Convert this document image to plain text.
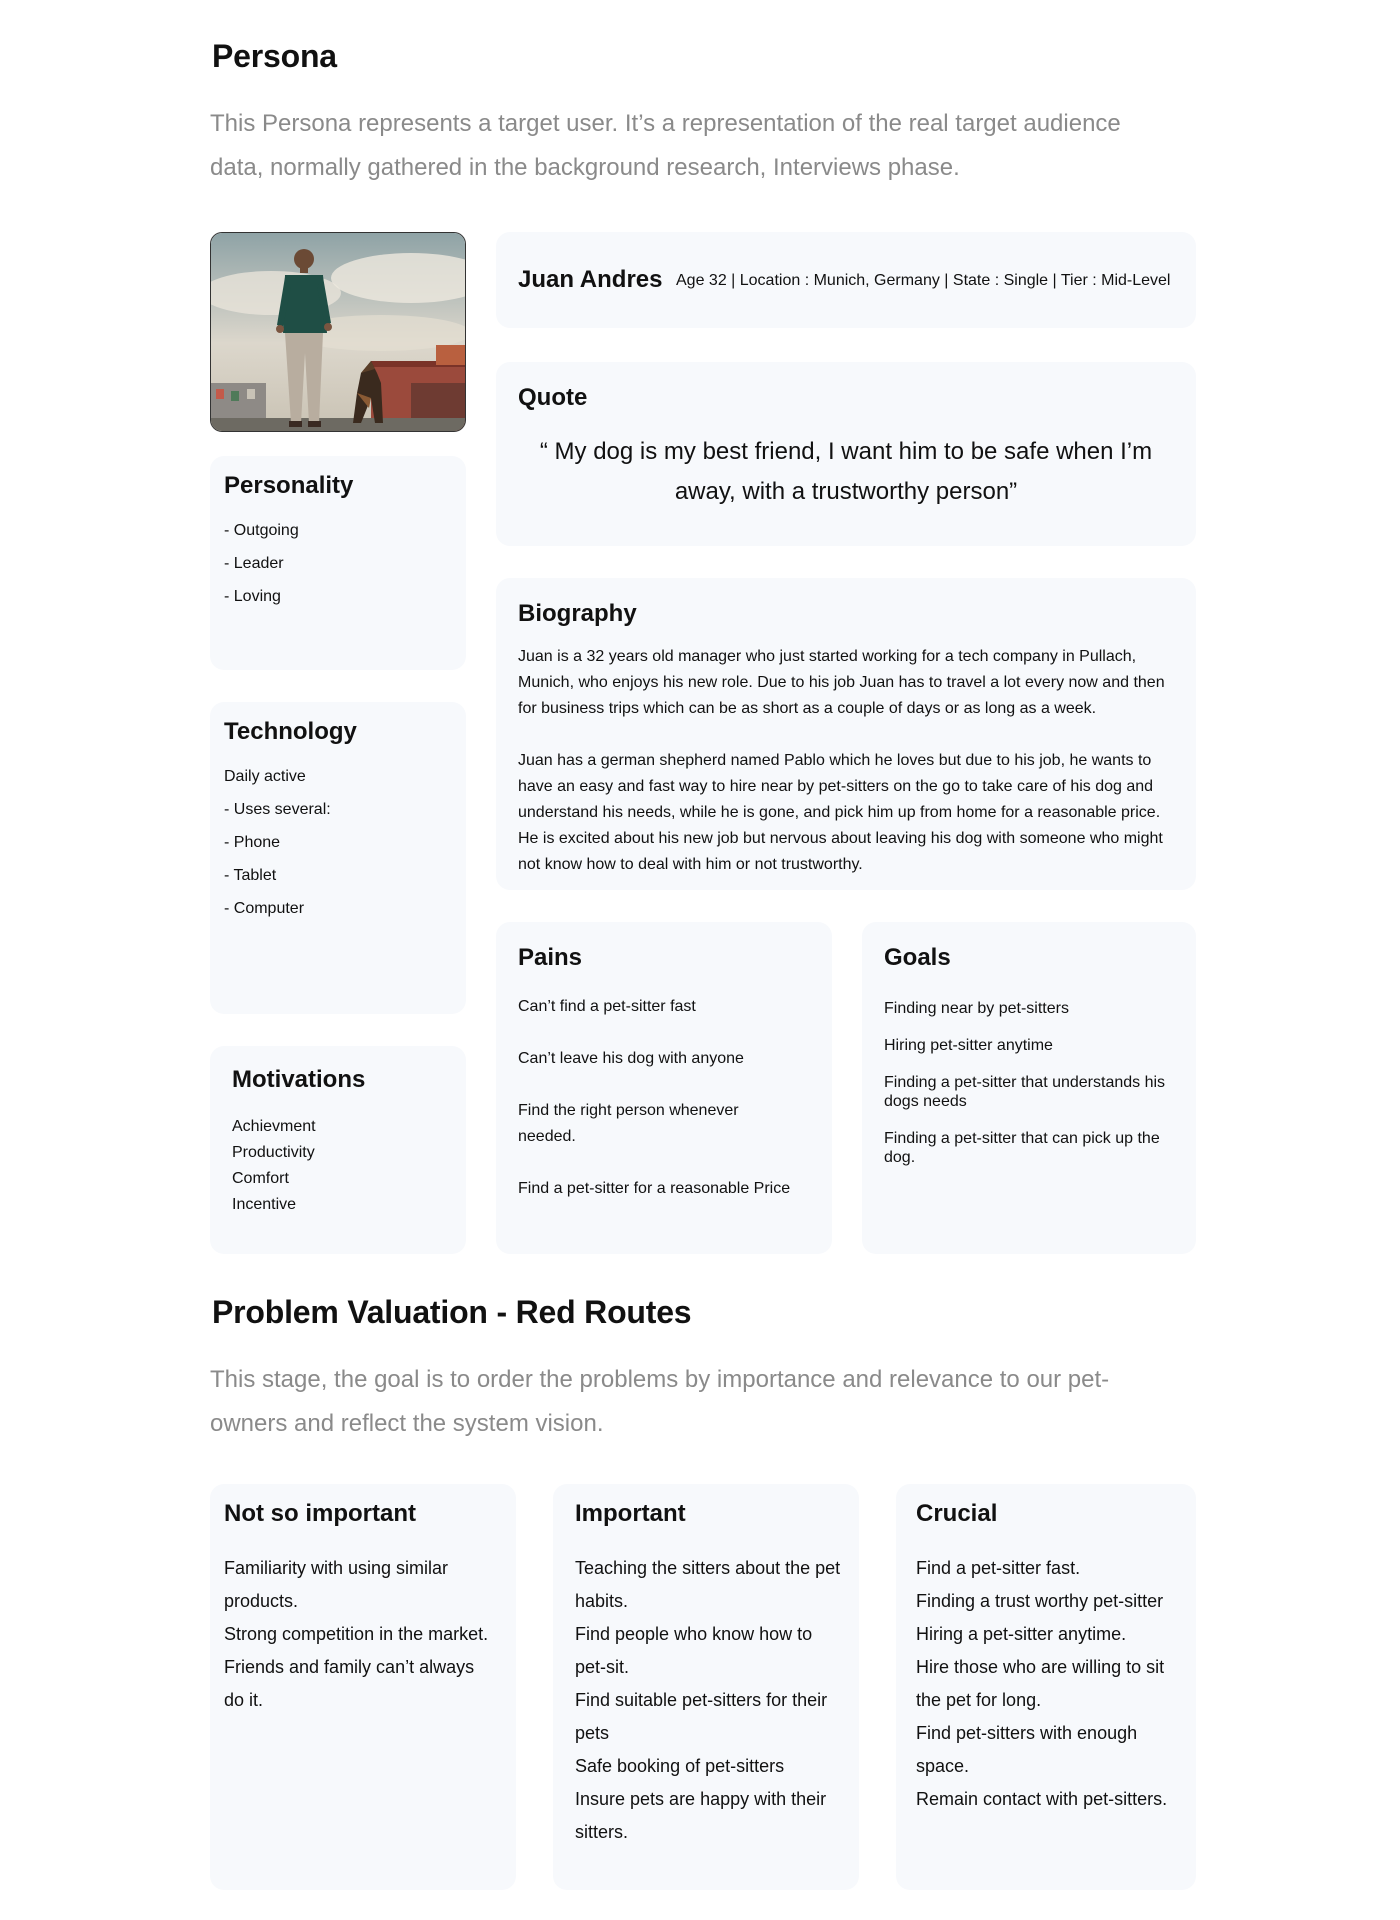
Persona
This Persona represents a target user. It’s a representation of the real target audience data, normally gathered in the background research, Interviews phase.
Personality
- Outgoing
- Leader
- Loving
Technology
Daily active
- Uses several:
- Phone
- Tablet
- Computer
Motivations
Achievment
Productivity
Comfort
Incentive
Juan Andres Age 32 | Location : Munich, Germany | State : Single | Tier : Mid-Level
Quote
“ My dog is my best friend, I want him to be safe when I’m away, with a trustworthy person”
Biography

Juan is a 32 years old manager who just started working for a tech company in Pullach, Munich, who enjoys his new role. Due to his job Juan has to travel a lot every now and then for business trips which can be as short as a couple of days or as long as a week.

Juan has a german shepherd named Pablo which he loves but due to his job, he wants to have an easy and fast way to hire near by pet-sitters on the go to take care of his dog and understand his needs, while he is gone, and pick him up from home for a reasonable price. He is excited about his new job but nervous about leaving his dog with someone who might not know how to deal with him or not trustworthy.

Pains
Can’t find a pet-sitter fast
Can’t leave his dog with anyone
Find the right person whenever needed.
Find a pet-sitter for a reasonable Price
Goals
Finding near by pet-sitters
Hiring pet-sitter anytime
Finding a pet-sitter that understands his dogs needs
Finding a pet-sitter that can pick up the dog.
Problem Valuation - Red Routes
This stage, the goal is to order the problems by importance and relevance to our pet-owners and reflect the system vision.
Not so important
Familiarity with using similar products.
Strong competition in the market.
Friends and family can’t always do it.
Important
Teaching the sitters about the pet habits.
Find people who know how to pet-sit.
Find suitable pet-sitters for their pets
Safe booking of pet-sitters
Insure pets are happy with their sitters.
Crucial
Find a pet-sitter fast.
Finding a trust worthy pet-sitter
Hiring a pet-sitter anytime.
Hire those who are willing to sit the pet for long.
Find pet-sitters with enough space.
Remain contact with pet-sitters.
